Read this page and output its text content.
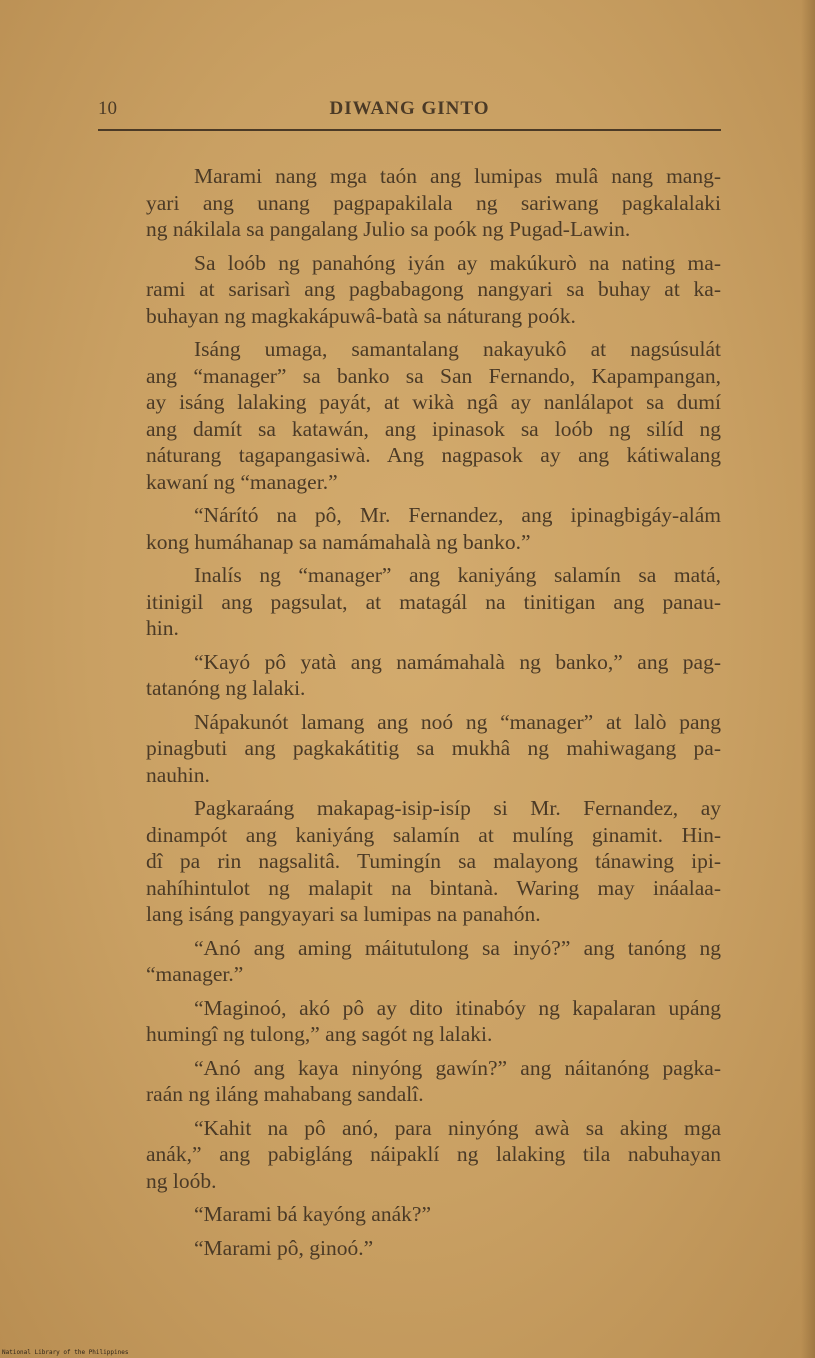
10	DIWANG GINTO
Marami nang mga taón ang lumipas mulâ nang mang-
yari ang unang pagpapakilala ng sariwang pagkalalaki
ng nákilala sa pangalang Julio sa poók ng Pugad-Lawin.
Sa loób ng panahóng iyán ay makúkurò na nating ma-
rami at sarisarì ang pagbabagong nangyari sa buhay at ka-
buhayan ng magkakápuwâ-batà sa náturang poók.
Isáng umaga, samantalang nakayukô at nagsúsulát
ang “manager” sa banko sa San Fernando, Kapampangan,
ay isáng lalaking payát, at wikà ngâ ay nanlálapot sa dumí
ang damít sa katawán, ang ipinasok sa loób ng silíd ng
náturang tagapangasiwà. Ang nagpasok ay ang kátiwalang
kawaní ng “manager.”
“Nárító na pô, Mr. Fernandez, ang ipinagbigáy-alám
kong humáhanap sa namámahalà ng banko.”
Inalís ng “manager” ang kaniyáng salamín sa matá,
itinigil ang pagsulat, at matagál na tinitigan ang panau-
hin.
“Kayó pô yatà ang namámahalà ng banko,” ang pag-
tatanóng ng lalaki.
Nápakunót lamang ang noó ng “manager” at lalò pang
pinagbuti ang pagkakátitig sa mukhâ ng mahiwagang pa-
nauhin.
Pagkaraáng makapag-isip-isíp si Mr. Fernandez, ay
dinampót ang kaniyáng salamín at mulíng ginamit. Hin-
dî pa rin nagsalitâ. Tumingín sa malayong tánawing ipi-
nahíhintulot ng malapit na bintanà. Waring may ináalaa-
lang isáng pangyayari sa lumipas na panahón.
“Anó ang aming máitutulong sa inyó?” ang tanóng ng
“manager.”
“Maginoó, akó pô ay dito itinabóy ng kapalaran upáng
humingî ng tulong,” ang sagót ng lalaki.
“Anó ang kaya ninyóng gawín?” ang náitanóng pagka-
raán ng iláng mahabang sandalî.
“Kahit na pô anó, para ninyóng awà sa aking mga
anák,” ang pabigláng náipaklí ng lalaking tila nabuhayan
ng loób.
“Marami bá kayóng anák?”
“Marami pô, ginoó.”
National Library of the Philippines
